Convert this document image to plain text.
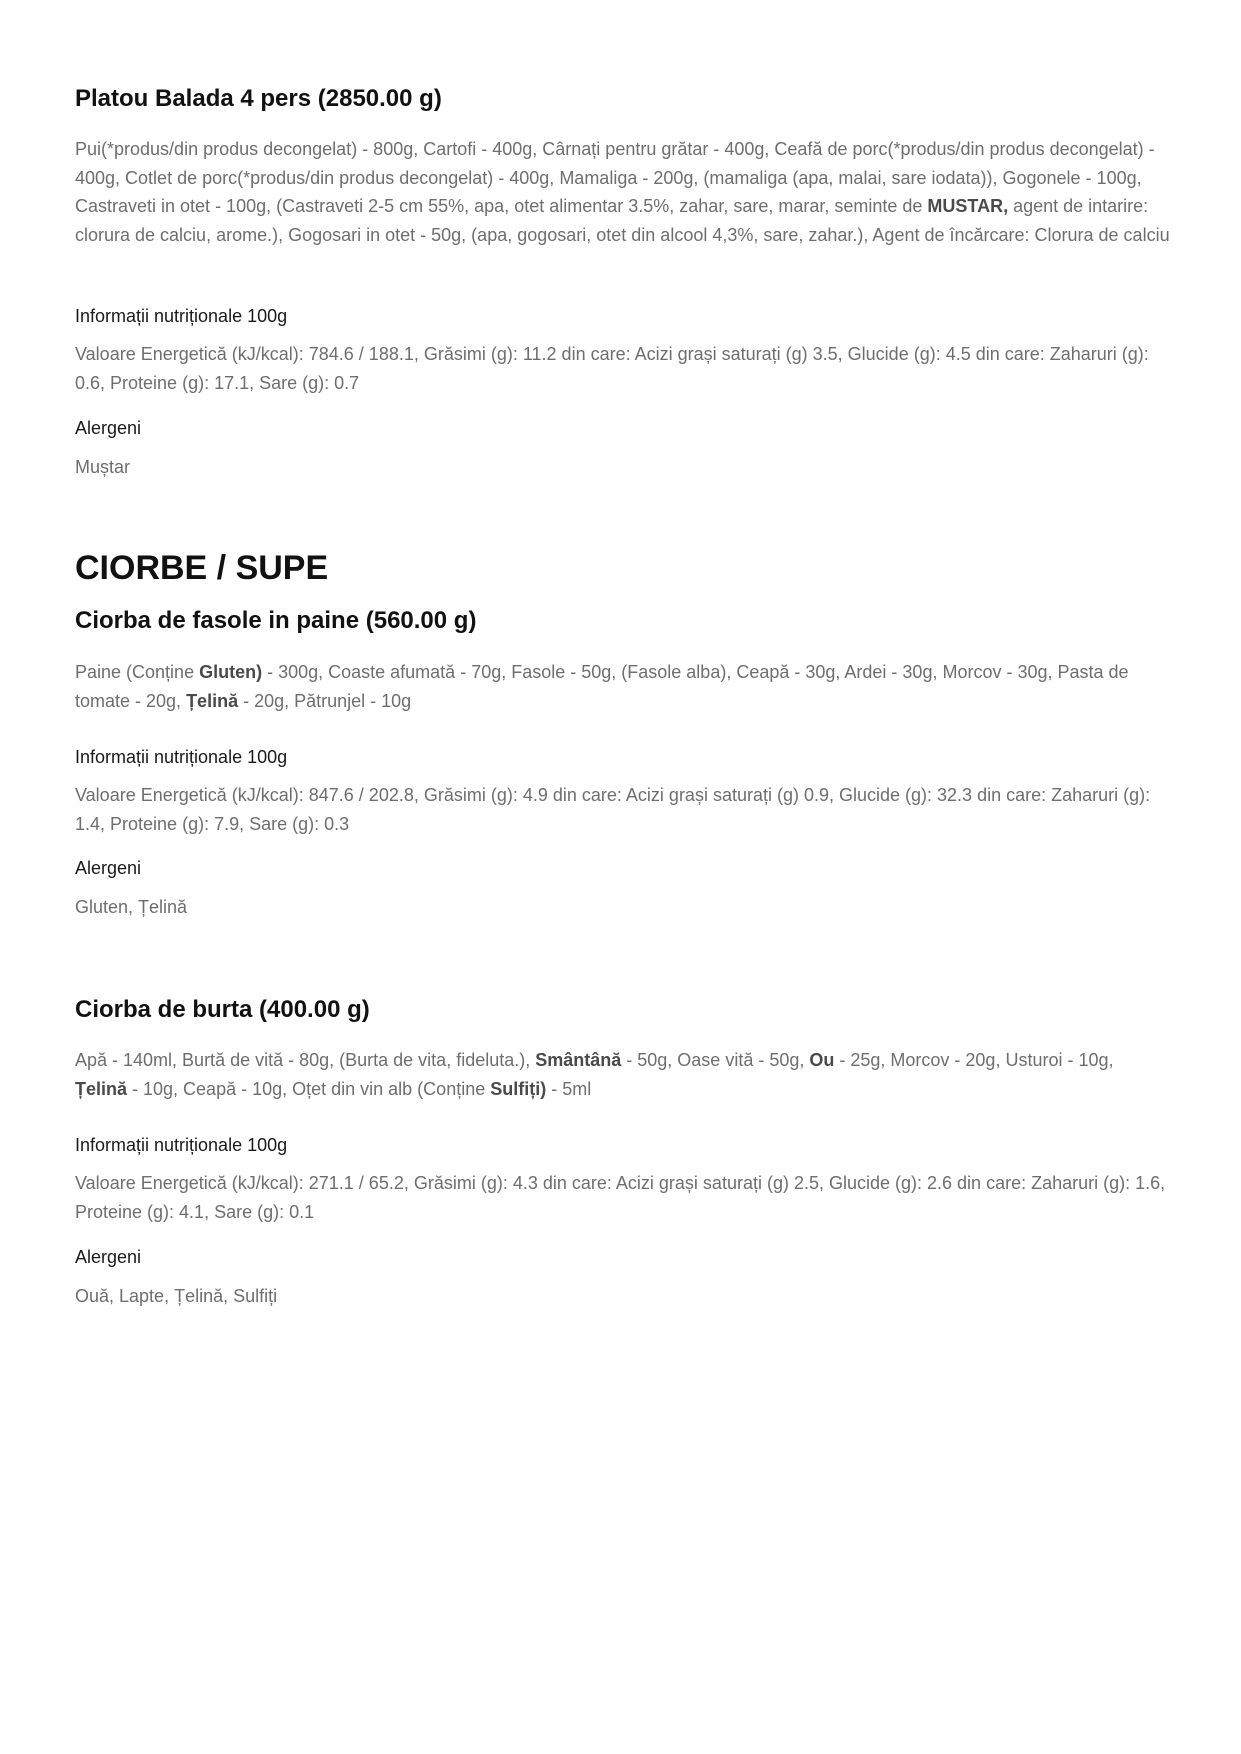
Platou Balada 4 pers (2850.00 g)

Pui(*produs/din produs decongelat) - 800g, Cartofi - 400g, Cârnați pentru grătar - 400g, Ceafă de porc(*produs/din produs decongelat) - 400g, Cotlet de porc(*produs/din produs decongelat) - 400g, Mamaliga - 200g, (mamaliga (apa, malai, sare iodata)), Gogonele - 100g, Castraveti in otet - 100g, (Castraveti 2-5 cm 55%, apa, otet alimentar 3.5%, zahar, sare, marar, seminte de MUSTAR, agent de intarire: clorura de calciu, arome.), Gogosari in otet - 50g, (apa, gogosari, otet din alcool 4,3%, sare, zahar.), Agent de încărcare: Clorura de calciu

Informații nutriționale 100g

Valoare Energetică (kJ/kcal): 784.6 / 188.1, Grăsimi (g): 11.2 din care: Acizi grași saturați (g) 3.5, Glucide (g): 4.5 din care: Zaharuri (g): 0.6, Proteine (g): 17.1, Sare (g): 0.7

Alergeni

Muștar

CIORBE / SUPE
Ciorba de fasole in paine (560.00 g)

Paine (Conține Gluten) - 300g, Coaste afumată - 70g, Fasole - 50g, (Fasole alba), Ceapă - 30g, Ardei - 30g, Morcov - 30g, Pasta de tomate - 20g, Țelină - 20g, Pătrunjel - 10g

Informații nutriționale 100g

Valoare Energetică (kJ/kcal): 847.6 / 202.8, Grăsimi (g): 4.9 din care: Acizi grași saturați (g) 0.9, Glucide (g): 32.3 din care: Zaharuri (g): 1.4, Proteine (g): 7.9, Sare (g): 0.3

Alergeni

Gluten, Țelină

Ciorba de burta (400.00 g)

Apă - 140ml, Burtă de vită - 80g, (Burta de vita, fideluta.), Smântână - 50g, Oase vită - 50g, Ou - 25g, Morcov - 20g, Usturoi - 10g, Țelină - 10g, Ceapă - 10g, Oțet din vin alb (Conține Sulfiți) - 5ml

Informații nutriționale 100g

Valoare Energetică (kJ/kcal): 271.1 / 65.2, Grăsimi (g): 4.3 din care: Acizi grași saturați (g) 2.5, Glucide (g): 2.6 din care: Zaharuri (g): 1.6, Proteine (g): 4.1, Sare (g): 0.1

Alergeni

Ouă, Lapte, Țelină, Sulfiți
